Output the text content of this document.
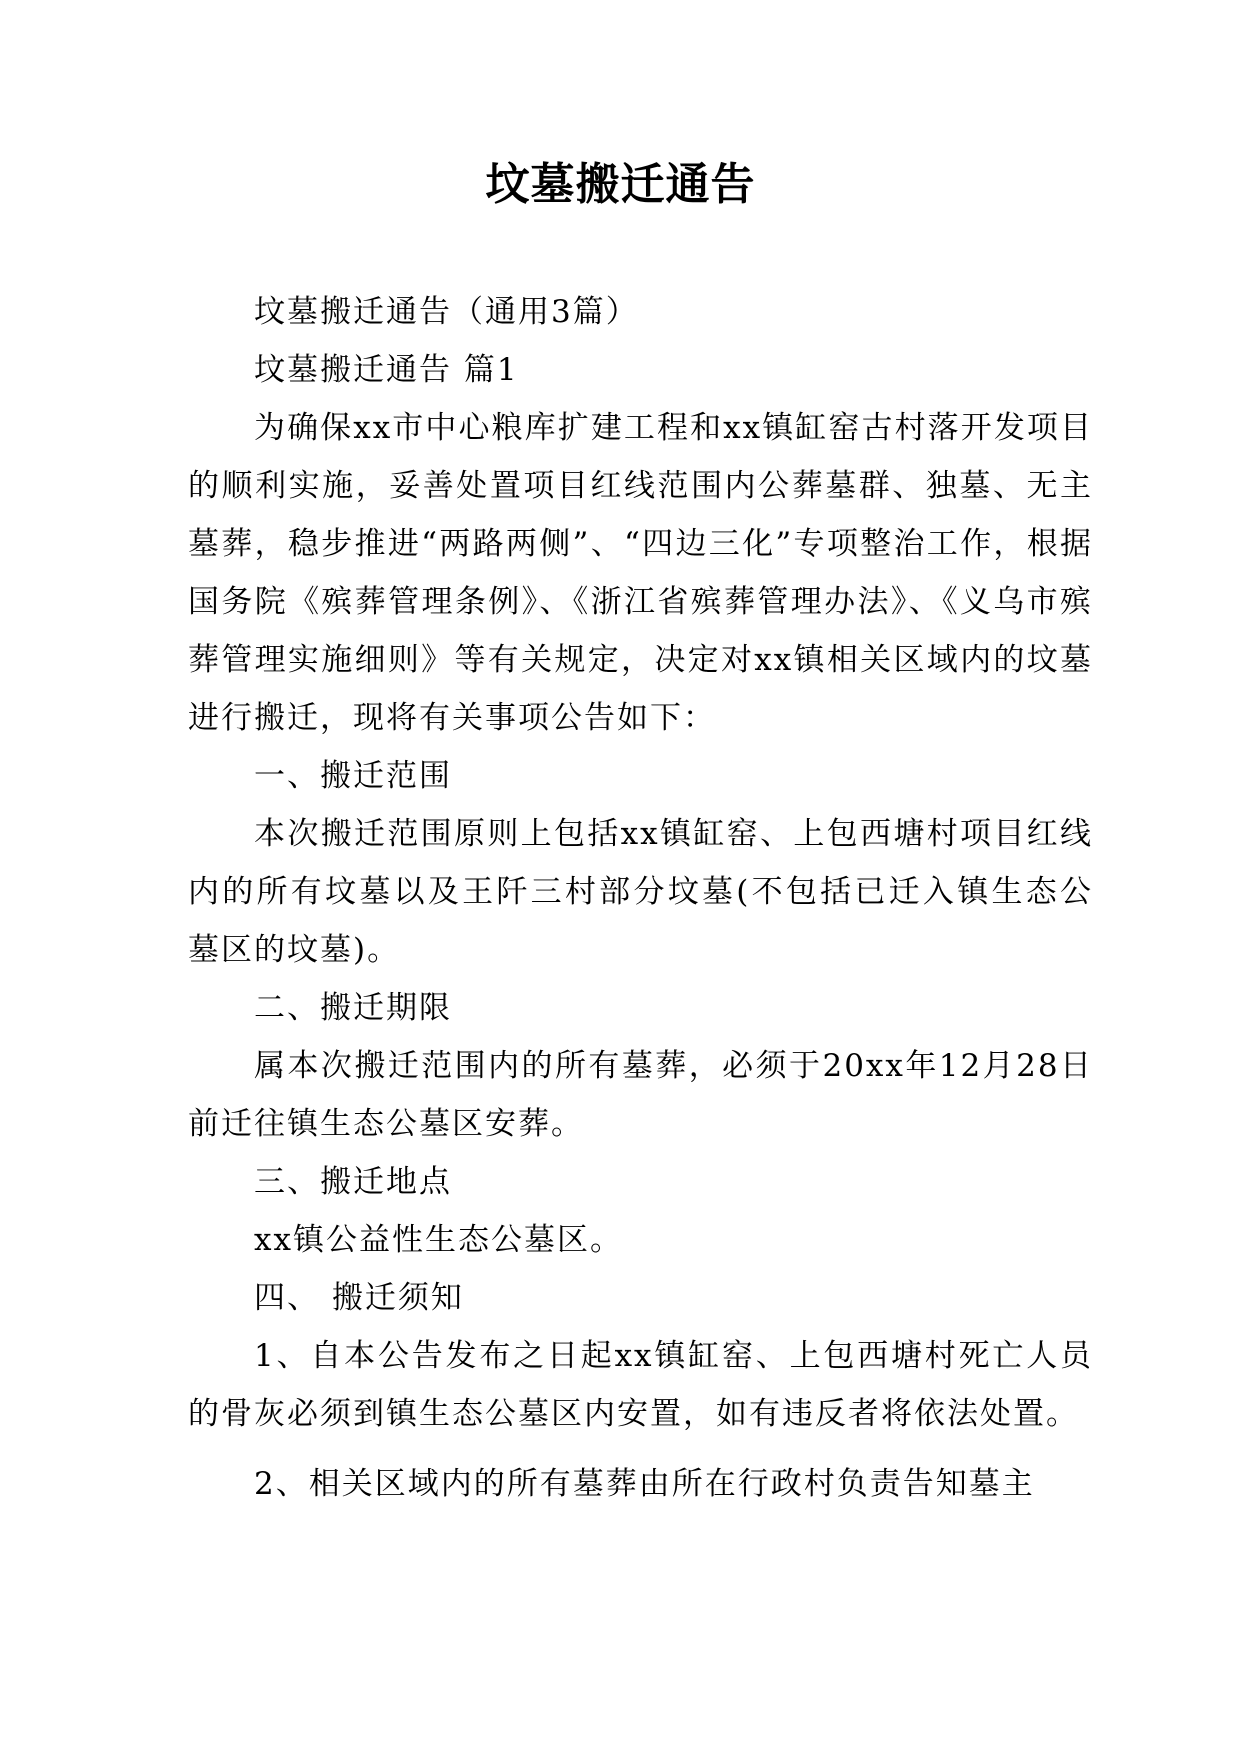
坟墓搬迁通告

坟墓搬迁通告（通用3篇）

坟墓搬迁通告 篇1

为确保xx市中心粮库扩建工程和xx镇缸窑古村落开发项目的顺利实施，妥善处置项目红线范围内公葬墓群、独墓、无主墓葬，稳步推进“两路两侧”、“四边三化”专项整治工作，根据国务院《殡葬管理条例》、《浙江省殡葬管理办法》、《义乌市殡葬管理实施细则》等有关规定，决定对xx镇相关区域内的坟墓进行搬迁，现将有关事项公告如下：

一、搬迁范围

本次搬迁范围原则上包括xx镇缸窑、上包西塘村项目红线内的所有坟墓以及王阡三村部分坟墓(不包括已迁入镇生态公墓区的坟墓)。

二、搬迁期限

属本次搬迁范围内的所有墓葬，必须于20xx年12月28日前迁往镇生态公墓区安葬。

三、搬迁地点

xx镇公益性生态公墓区。

四、 搬迁须知

1、自本公告发布之日起xx镇缸窑、上包西塘村死亡人员的骨灰必须到镇生态公墓区内安置，如有违反者将依法处置。

2、相关区域内的所有墓葬由所在行政村负责告知墓主
